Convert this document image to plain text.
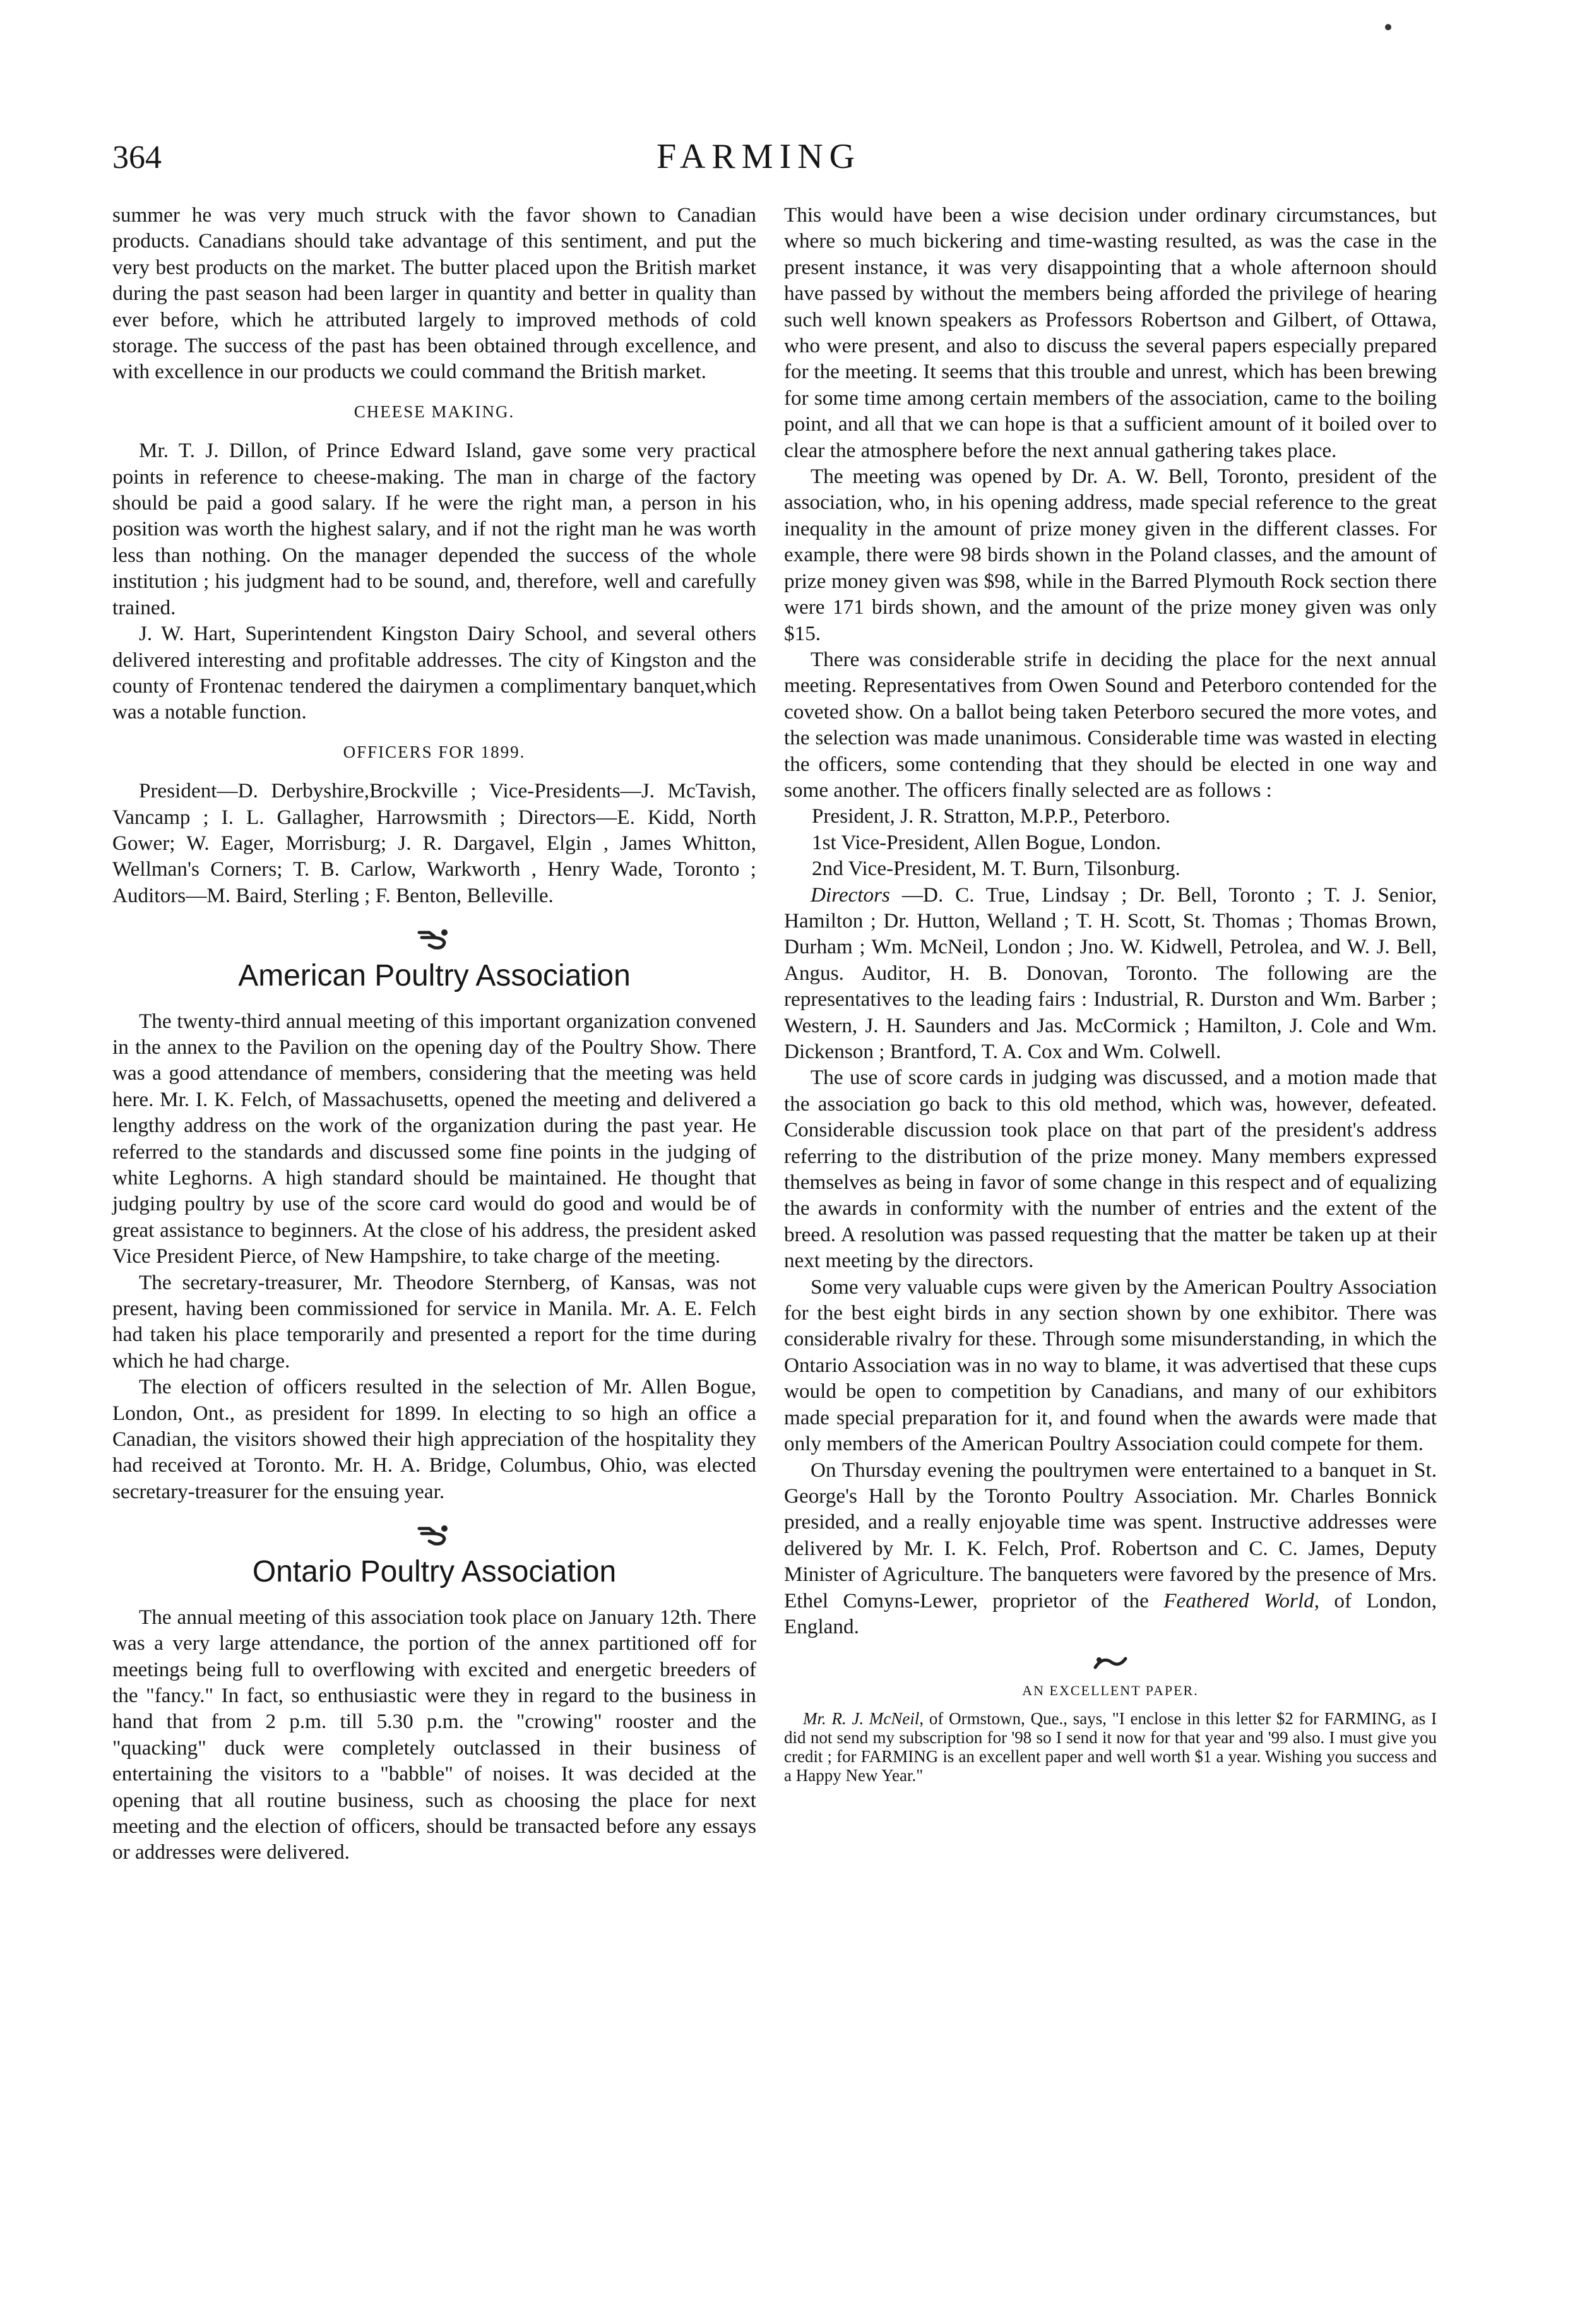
364	FARMING

summer he was very much struck with the favor shown to Canadian products. Canadians should take advantage of this sentiment, and put the very best products on the market. The butter placed upon the British market during the past season had been larger in quantity and better in quality than ever before, which he attributed largely to improved methods of cold storage. The success of the past has been obtained through excellence, and with excellence in our products we could command the British market.

CHEESE MAKING.

Mr. T. J. Dillon, of Prince Edward Island, gave some very practical points in reference to cheese-making. The man in charge of the factory should be paid a good salary. If he were the right man, a person in his position was worth the highest salary, and if not the right man he was worth less than nothing. On the manager depended the success of the whole institution ; his judgment had to be sound, and, therefore, well and carefully trained.

J. W. Hart, Superintendent Kingston Dairy School, and several others delivered interesting and profitable addresses. The city of Kingston and the county of Frontenac tendered the dairymen a complimentary banquet,which was a notable function.

OFFICERS FOR 1899.

President—D. Derbyshire,Brockville ; Vice-Presidents—J. McTavish, Vancamp ; I. L. Gallagher, Harrowsmith ; Directors—E. Kidd, North Gower; W. Eager, Morrisburg; J. R. Dargavel, Elgin , James Whitton, Wellman's Corners; T. B. Carlow, Warkworth , Henry Wade, Toronto ; Auditors—M. Baird, Sterling ; F. Benton, Belleville.

American Poultry Association

The twenty-third annual meeting of this important organization convened in the annex to the Pavilion on the opening day of the Poultry Show. There was a good attendance of members, considering that the meeting was held here. Mr. I. K. Felch, of Massachusetts, opened the meeting and delivered a lengthy address on the work of the organization during the past year. He referred to the standards and discussed some fine points in the judging of white Leghorns. A high standard should be maintained. He thought that judging poultry by use of the score card would do good and would be of great assistance to beginners. At the close of his address, the president asked Vice President Pierce, of New Hampshire, to take charge of the meeting.

The secretary-treasurer, Mr. Theodore Sternberg, of Kansas, was not present, having been commissioned for service in Manila. Mr. A. E. Felch had taken his place temporarily and presented a report for the time during which he had charge.

The election of officers resulted in the selection of Mr. Allen Bogue, London, Ont., as president for 1899. In electing to so high an office a Canadian, the visitors showed their high appreciation of the hospitality they had received at Toronto. Mr. H. A. Bridge, Columbus, Ohio, was elected secretary-treasurer for the ensuing year.

Ontario Poultry Association

The annual meeting of this association took place on January 12th. There was a very large attendance, the portion of the annex partitioned off for meetings being full to overflowing with excited and energetic breeders of the "fancy." In fact, so enthusiastic were they in regard to the business in hand that from 2 p.m. till 5.30 p.m. the "crowing" rooster and the "quacking" duck were completely outclassed in their business of entertaining the visitors to a "babble" of noises. It was decided at the opening that all routine business, such as choosing the place for next meeting and the election of officers, should be transacted before any essays or addresses were delivered.

This would have been a wise decision under ordinary circumstances, but where so much bickering and time-wasting resulted, as was the case in the present instance, it was very disappointing that a whole afternoon should have passed by without the members being afforded the privilege of hearing such well known speakers as Professors Robertson and Gilbert, of Ottawa, who were present, and also to discuss the several papers especially prepared for the meeting. It seems that this trouble and unrest, which has been brewing for some time among certain members of the association, came to the boiling point, and all that we can hope is that a sufficient amount of it boiled over to clear the atmosphere before the next annual gathering takes place.

The meeting was opened by Dr. A. W. Bell, Toronto, president of the association, who, in his opening address, made special reference to the great inequality in the amount of prize money given in the different classes. For example, there were 98 birds shown in the Poland classes, and the amount of prize money given was $98, while in the Barred Plymouth Rock section there were 171 birds shown, and the amount of the prize money given was only $15.

There was considerable strife in deciding the place for the next annual meeting. Representatives from Owen Sound and Peterboro contended for the coveted show. On a ballot being taken Peterboro secured the more votes, and the selection was made unanimous. Considerable time was wasted in electing the officers, some contending that they should be elected in one way and some another. The officers finally selected are as follows :

President, J. R. Stratton, M.P.P., Peterboro.

1st Vice-President, Allen Bogue, London.

2nd Vice-President, M. T. Burn, Tilsonburg.

Directors —D. C. True, Lindsay ; Dr. Bell, Toronto ; T. J. Senior, Hamilton ; Dr. Hutton, Welland ; T. H. Scott, St. Thomas ; Thomas Brown, Durham ; Wm. McNeil, London ; Jno. W. Kidwell, Petrolea, and W. J. Bell, Angus. Auditor, H. B. Donovan, Toronto. The following are the representatives to the leading fairs : Industrial, R. Durston and Wm. Barber ; Western, J. H. Saunders and Jas. McCormick ; Hamilton, J. Cole and Wm. Dickenson ; Brantford, T. A. Cox and Wm. Colwell.

The use of score cards in judging was discussed, and a motion made that the association go back to this old method, which was, however, defeated. Considerable discussion took place on that part of the president's address referring to the distribution of the prize money. Many members expressed themselves as being in favor of some change in this respect and of equalizing the awards in conformity with the number of entries and the extent of the breed. A resolution was passed requesting that the matter be taken up at their next meeting by the directors.

Some very valuable cups were given by the American Poultry Association for the best eight birds in any section shown by one exhibitor. There was considerable rivalry for these. Through some misunderstanding, in which the Ontario Association was in no way to blame, it was advertised that these cups would be open to competition by Canadians, and many of our exhibitors made special preparation for it, and found when the awards were made that only members of the American Poultry Association could compete for them.

On Thursday evening the poultrymen were entertained to a banquet in St. George's Hall by the Toronto Poultry Association. Mr. Charles Bonnick presided, and a really enjoyable time was spent. Instructive addresses were delivered by Mr. I. K. Felch, Prof. Robertson and C. C. James, Deputy Minister of Agriculture. The banqueters were favored by the presence of Mrs. Ethel Comyns-Lewer, proprietor of the Feathered World, of London, England.

AN EXCELLENT PAPER.

Mr. R. J. McNeil, of Ormstown, Que., says, "I enclose in this letter $2 for FARMING, as I did not send my subscription for '98 so I send it now for that year and '99 also. I must give you credit ; for FARMING is an excellent paper and well worth $1 a year. Wishing you success and a Happy New Year."
